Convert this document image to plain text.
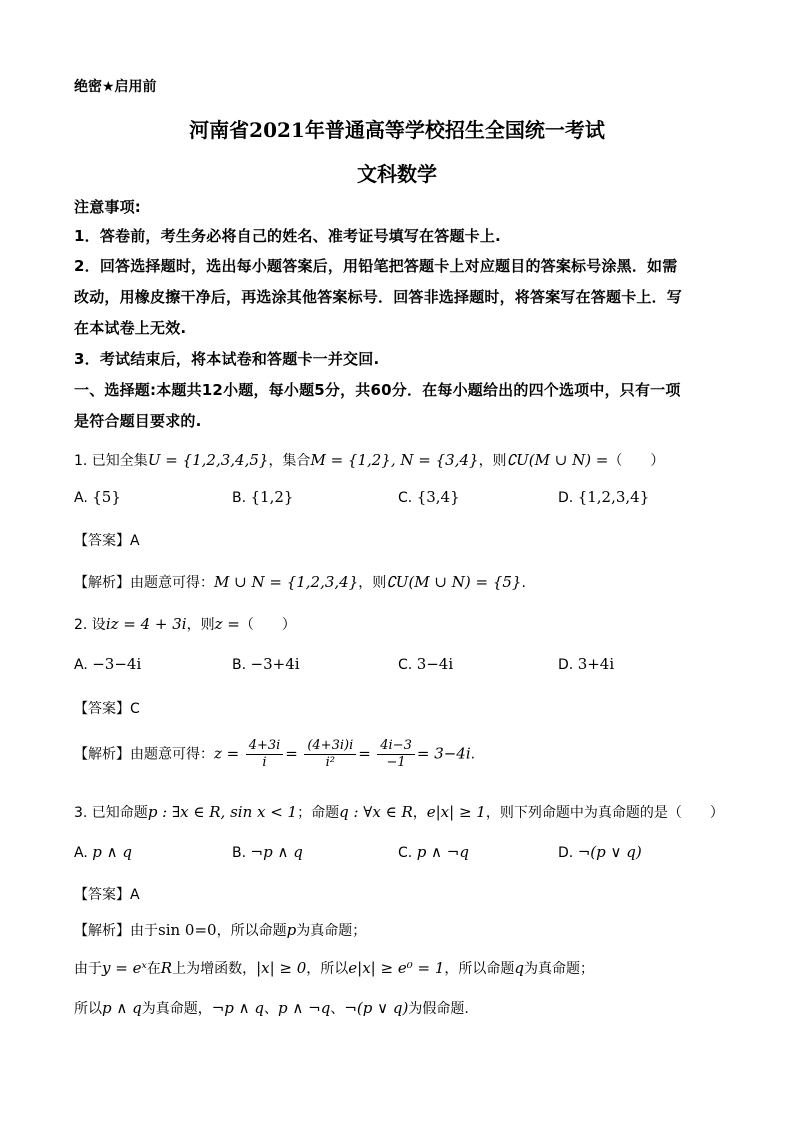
绝密★启用前
河南省2021年普通高等学校招生全国统一考试
文科数学
注意事项:
1．答卷前，考生务必将自己的姓名、准考证号填写在答题卡上.
2．回答选择题时，选出每小题答案后，用铅笔把答题卡上对应题目的答案标号涂黑．如需
改动，用橡皮擦干净后，再选涂其他答案标号．回答非选择题时，将答案写在答题卡上．写
在本试卷上无效.
3．考试结束后，将本试卷和答题卡一并交回.
一、选择题:本题共12小题，每小题5分，共60分．在每小题给出的四个选项中，只有一项
是符合题目要求的.
1. 已知全集U = {1,2,3,4,5}，集合M = {1,2}, N = {3,4}，则∁U(M ∪ N) =（　　）
A. {5}	B. {1,2}	C. {3,4}	D. {1,2,3,4}
【答案】A
【解析】由题意可得：M ∪ N = {1,2,3,4}，则∁U(M ∪ N) = {5}.
2. 设iz = 4 + 3i，则z =（　　）
A. −3−4i	B. −3+4i	C. 3−4i	D. 3+4i
【答案】C
【解析】由题意可得：$z = \frac{4+3i}{i} = \frac{(4+3i)i}{\text{i²}} = \frac{4i-3}{-1} = 3-4i$.
3. 已知命题p : ∃x ∈ R, sin x < 1；命题q : ∀x ∈ R，e|x| ≥ 1，则下列命题中为真命题的是（　　）
A. p ∧ q	B. ¬p ∧ q	C. p ∧ ¬q	D. ¬(p ∨ q)
【答案】A
【解析】由于sin 0=0，所以命题p为真命题；
由于y = eˣ在R上为增函数，|x| ≥ 0，所以e|x| ≥ e⁰ = 1，所以命题q为真命题；
所以p ∧ q为真命题，¬p ∧ q、p ∧ ¬q、¬(p ∨ q)为假命题.
